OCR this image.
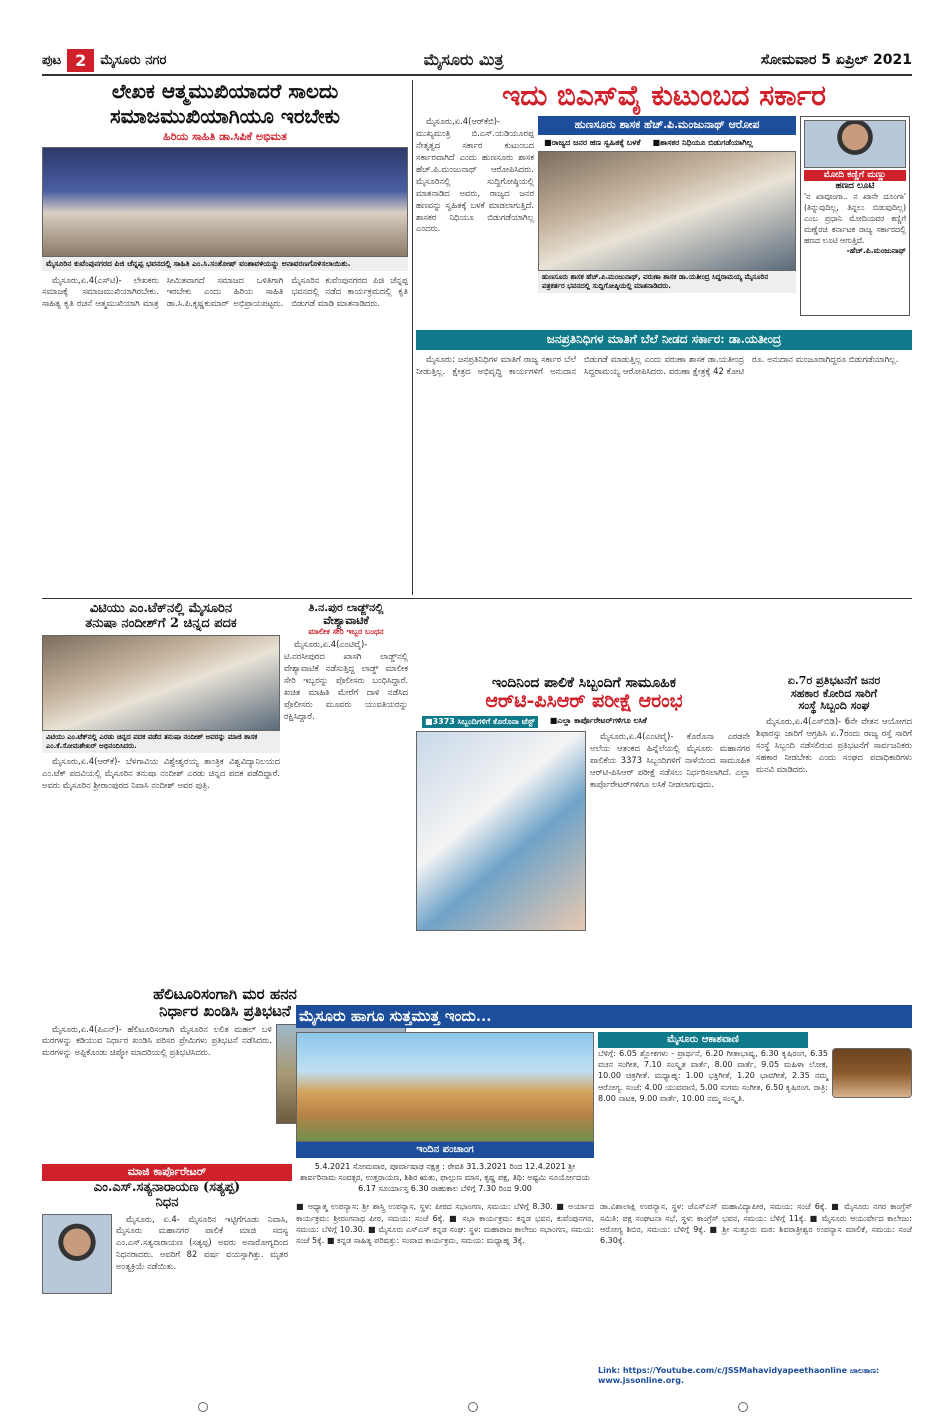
ಪುಟ 2	ಮೈಸೂರು ನಗರ	ಮೈಸೂರು ಮಿತ್ರ	ಸೋಮವಾರ 5 ಏಪ್ರಿಲ್ 2021
ಲೇಖಕ ಆತ್ಮಮುಖಿಯಾದರೆ ಸಾಲದು
ಸಮಾಜಮುಖಿಯಾಗಿಯೂ ಇರಬೇಕು
ಹಿರಿಯ ಸಾಹಿತಿ ಡಾ.ಸಿಪಿಕೆ ಅಭಿಮತ
ಮೈಸೂರಿನ ಕುವೆಂಪುನಗರದ ಪಿಜಿ ಚೆನ್ನಪ್ಪ ಭವನದಲ್ಲಿ ಸಾಹಿತಿ ಎಂ.ಸಿ.ಸಂತೋಷ್ ವಂಶಾವಳಿಯನ್ನು ಅನಾವರಣಗೊಳಿಸಲಾಯಿತು.

ಮೈಸೂರು,ಏ.4(ಎಸ್‌ಟಿ)- ಲೇಖಕರು ಸಮಾಜಕ್ಕೆ ಸಮಾಜಮುಖಿಯಾಗಿರಬೇಕು. ಸಾಹಿತ್ಯ ಕೃತಿ ರಚನೆ ಆತ್ಮಮುಖಿಯಾಗಿ ಮಾತ್ರ ಸೀಮಿತವಾಗದೆ ಸಮಾಜದ ಒಳಿತಿಗಾಗಿ ಇರಬೇಕು ಎಂದು ಹಿರಿಯ ಸಾಹಿತಿ ಡಾ.ಸಿ.ಪಿ.ಕೃಷ್ಣಕುಮಾರ್ ಅಭಿಪ್ರಾಯಪಟ್ಟರು. ಮೈಸೂರಿನ ಕುವೆಂಪುನಗರದ ಪಿಜಿ ಚೆನ್ನಪ್ಪ ಭವನದಲ್ಲಿ ನಡೆದ ಕಾರ್ಯಕ್ರಮದಲ್ಲಿ ಕೃತಿ ಬಿಡುಗಡೆ ಮಾಡಿ ಮಾತನಾಡಿದರು.

ಇದು ಬಿಎಸ್‌ವೈ ಕುಟುಂಬದ ಸರ್ಕಾರ

ಮೈಸೂರು,ಏ.4(ಆರ್‌ಕೆಬಿ)- ಮುಖ್ಯಮಂತ್ರಿ ಬಿ.ಎಸ್.ಯಡಿಯೂರಪ್ಪ ನೇತೃತ್ವದ ಸರ್ಕಾರ ಕುಟುಂಬದ ಸರ್ಕಾರವಾಗಿದೆ ಎಂದು ಹುಣಸೂರು ಶಾಸಕ ಹೆಚ್.ಪಿ.ಮಂಜುನಾಥ್ ಆರೋಪಿಸಿದರು. ಮೈಸೂರಿನಲ್ಲಿ ಸುದ್ದಿಗೋಷ್ಠಿಯಲ್ಲಿ ಮಾತನಾಡಿದ ಅವರು, ರಾಜ್ಯದ ಜನರ ಹಣವನ್ನು ಸ್ವಹಿತಕ್ಕೆ ಬಳಕೆ ಮಾಡಲಾಗುತ್ತಿದೆ. ಶಾಸಕರ ನಿಧಿಯೂ ಬಿಡುಗಡೆಯಾಗಿಲ್ಲ ಎಂದರು.

ಹುಣಸೂರು ಶಾಸಕ ಹೆಚ್.ಪಿ.ಮಂಜುನಾಥ್ ಆರೋಪ
■ರಾಜ್ಯದ ಜನರ ಹಣ ಸ್ವಹಿತಕ್ಕೆ ಬಳಕೆ ■ಶಾಸಕರ ನಿಧಿಯೂ ಬಿಡುಗಡೆಯಾಗಿಲ್ಲ
ಹುಣಸೂರು ಶಾಸಕ ಹೆಚ್.ಪಿ.ಮಂಜುನಾಥ್, ವರುಣಾ ಶಾಸಕ ಡಾ.ಯತೀಂದ್ರ ಸಿದ್ದರಾಮಯ್ಯ ಮೈಸೂರಿನ ಪತ್ರಕರ್ತರ ಭವನದಲ್ಲಿ ಸುದ್ದಿಗೋಷ್ಠಿಯಲ್ಲಿ ಮಾತನಾಡಿದರು.
ಮೋದಿ ಕಣ್ಣಿಗೆ ಮಣ್ಣು
ಹಣದ ಲೂಟಿ
'ನ ಖಾವೂಂಗಾ.. ನ ಖಾನೇ ದೂಂಗಾ' (ತಿನ್ನುವುದಿಲ್ಲ, ತಿನ್ನಲು ಬಿಡುವುದಿಲ್ಲ) ಎಂಬ ಪ್ರಧಾನಿ ಮೋದಿಯವರ ಕಣ್ಣಿಗೆ ಮಣ್ಣೆರಚಿ ಕರ್ನಾಟಕ ರಾಜ್ಯ ಸರ್ಕಾರದಲ್ಲಿ ಹಣದ ಲೂಟಿ ಆಗುತ್ತಿದೆ.
-ಹೆಚ್.ಪಿ.ಮಂಜುನಾಥ್
ಜನಪ್ರತಿನಿಧಿಗಳ ಮಾತಿಗೆ ಬೆಲೆ ನೀಡದ ಸರ್ಕಾರ: ಡಾ.ಯತೀಂದ್ರ

ಮೈಸೂರು: ಜನಪ್ರತಿನಿಧಿಗಳ ಮಾತಿಗೆ ರಾಜ್ಯ ಸರ್ಕಾರ ಬೆಲೆ ನೀಡುತ್ತಿಲ್ಲ. ಕ್ಷೇತ್ರದ ಅಭಿವೃದ್ಧಿ ಕಾರ್ಯಗಳಿಗೆ ಅನುದಾನ ಬಿಡುಗಡೆ ಮಾಡುತ್ತಿಲ್ಲ ಎಂದು ವರುಣಾ ಶಾಸಕ ಡಾ.ಯತೀಂದ್ರ ಸಿದ್ದರಾಮಯ್ಯ ಆರೋಪಿಸಿದರು. ವರುಣಾ ಕ್ಷೇತ್ರಕ್ಕೆ 42 ಕೋಟಿ ರೂ. ಅನುದಾನ ಮಂಜೂರಾಗಿದ್ದರೂ ಬಿಡುಗಡೆಯಾಗಿಲ್ಲ.

ವಿಟಿಯು ಎಂ.ಟೆಕ್‌ನಲ್ಲಿ ಮೈಸೂರಿನ
ತನುಷಾ ನಂದೀಶ್‌ಗೆ 2 ಚಿನ್ನದ ಪದಕ
ವಿಟಿಯು ಎಂ.ಟೆಕ್‌ನಲ್ಲಿ ಎರಡು ಚಿನ್ನದ ಪದಕ ಪಡೆದ ತನುಷಾ ನಂದೀಶ್ ಅವರನ್ನು ಮಾಜಿ ಶಾಸಕ ಎಂ.ಕೆ.ಸೋಮಶೇಖರ್ ಅಭಿನಂದಿಸಿದರು.

ಮೈಸೂರು,ಏ.4(ಆರ್‌ಕೆ)- ಬೆಳಗಾವಿಯ ವಿಶ್ವೇಶ್ವರಯ್ಯ ತಾಂತ್ರಿಕ ವಿಶ್ವವಿದ್ಯಾನಿಲಯದ ಎಂ.ಟೆಕ್ ಪದವಿಯಲ್ಲಿ ಮೈಸೂರಿನ ತನುಷಾ ನಂದೀಶ್ ಎರಡು ಚಿನ್ನದ ಪದಕ ಪಡೆದಿದ್ದಾರೆ. ಅವರು ಮೈಸೂರಿನ ಶ್ರೀರಾಂಪುರದ ನಿವಾಸಿ ನಂದೀಶ್ ಅವರ ಪುತ್ರಿ.

ತಿ.ನ.ಪುರ ಲಾಡ್ಜ್‌ನಲ್ಲಿ
ವೇಶ್ಯಾವಾಟಿಕೆ
ಮಾಲೀಕ ಸೇರಿ ಇಬ್ಬರ ಬಂಧನ

ಮೈಸೂರು,ಏ.4(ಎಂಟಿವೈ)- ಟಿ.ನರಸೀಪುರದ ಖಾಸಗಿ ಲಾಡ್ಜ್‌ನಲ್ಲಿ ವೇಶ್ಯಾವಾಟಿಕೆ ನಡೆಸುತ್ತಿದ್ದ ಲಾಡ್ಜ್ ಮಾಲೀಕ ಸೇರಿ ಇಬ್ಬರನ್ನು ಪೊಲೀಸರು ಬಂಧಿಸಿದ್ದಾರೆ. ಖಚಿತ ಮಾಹಿತಿ ಮೇರೆಗೆ ದಾಳಿ ನಡೆಸಿದ ಪೊಲೀಸರು ಮೂವರು ಯುವತಿಯರನ್ನು ರಕ್ಷಿಸಿದ್ದಾರೆ.

ಇಂದಿನಿಂದ ಪಾಲಿಕೆ ಸಿಬ್ಬಂದಿಗೆ ಸಾಮೂಹಿಕ
ಆರ್‌ಟಿ-ಪಿಸಿಆರ್ ಪರೀಕ್ಷೆ ಆರಂಭ
■3373 ಸಿಬ್ಬಂದಿಗಳಿಗೆ ಕೊರೊನಾ ಟೆಸ್ಟ್	■ಎಲ್ಲಾ ಕಾರ್ಪೊರೇಟರ್‌ಗಳಿಗೂ ಲಸಿಕೆ

ಮೈಸೂರು,ಏ.4(ಎಂಟಿವೈ)- ಕೊರೊನಾ ಎರಡನೇ ಅಲೆಯ ಆತಂಕದ ಹಿನ್ನೆಲೆಯಲ್ಲಿ ಮೈಸೂರು ಮಹಾನಗರ ಪಾಲಿಕೆಯ 3373 ಸಿಬ್ಬಂದಿಗಳಿಗೆ ನಾಳೆಯಿಂದ ಸಾಮೂಹಿಕ ಆರ್‌ಟಿ-ಪಿಸಿಆರ್ ಪರೀಕ್ಷೆ ನಡೆಸಲು ನಿರ್ಧರಿಸಲಾಗಿದೆ. ಎಲ್ಲಾ ಕಾರ್ಪೊರೇಟರ್‌ಗಳಿಗೂ ಲಸಿಕೆ ನೀಡಲಾಗುವುದು.

ಏ.7ರ ಪ್ರತಿಭಟನೆಗೆ ಜನರ
ಸಹಕಾರ ಕೋರಿದ ಸಾರಿಗೆ
ಸಂಸ್ಥೆ ಸಿಬ್ಬಂದಿ ಸಂಘ

ಮೈಸೂರು,ಏ.4(ಎಸ್‌ಬಿಡಿ)- 6ನೇ ವೇತನ ಆಯೋಗದ ಶಿಫಾರಸ್ಸು ಜಾರಿಗೆ ಆಗ್ರಹಿಸಿ ಏ.7ರಂದು ರಾಜ್ಯ ರಸ್ತೆ ಸಾರಿಗೆ ಸಂಸ್ಥೆ ಸಿಬ್ಬಂದಿ ನಡೆಸಲಿರುವ ಪ್ರತಿಭಟನೆಗೆ ಸಾರ್ವಜನಿಕರು ಸಹಕಾರ ನೀಡಬೇಕು ಎಂದು ಸಂಘದ ಪದಾಧಿಕಾರಿಗಳು ಮನವಿ ಮಾಡಿದರು.

ಹೆಲಿಟೂರಿಸಂಗಾಗಿ ಮರ ಹನನ
ನಿರ್ಧಾರ ಖಂಡಿಸಿ ಪ್ರತಿಭಟನೆ

ಮೈಸೂರು,ಏ.4(ಪಿಎನ್)- ಹೆಲಿಟೂರಿಸಂಗಾಗಿ ಮೈಸೂರಿನ ಲಲಿತ ಮಹಲ್ ಬಳಿ ಮರಗಳನ್ನು ಕಡಿಯುವ ನಿರ್ಧಾರ ಖಂಡಿಸಿ ಪರಿಸರ ಪ್ರೇಮಿಗಳು ಪ್ರತಿಭಟನೆ ನಡೆಸಿದರು. ಮರಗಳನ್ನು ಅಪ್ಪಿಕೊಂಡು ಚಿಪ್ಕೋ ಮಾದರಿಯಲ್ಲಿ ಪ್ರತಿಭಟಿಸಿದರು.

ಮಾಜಿ ಕಾರ್ಪೊರೇಟರ್
ಎಂ.ಎಸ್.ಸತ್ಯನಾರಾಯಣ (ಸತ್ಯಪ್ಪ)
ನಿಧನ

ಮೈಸೂರು, ಏ.4- ಮೈಸೂರಿನ ಇಟ್ಟಿಗೆಗೂಡು ನಿವಾಸಿ, ಮೈಸೂರು ಮಹಾನಗರ ಪಾಲಿಕೆ ಮಾಜಿ ಸದಸ್ಯ ಎಂ.ಎಸ್.ಸತ್ಯನಾರಾಯಣ (ಸತ್ಯಪ್ಪ) ಅವರು ಅನಾರೋಗ್ಯದಿಂದ ನಿಧನರಾದರು. ಅವರಿಗೆ 82 ವರ್ಷ ವಯಸ್ಸಾಗಿತ್ತು. ಮೃತರ ಅಂತ್ಯಕ್ರಿಯೆ ನಡೆಯಿತು.

ಮೈಸೂರು ಹಾಗೂ ಸುತ್ತಮುತ್ತ ಇಂದು...
ಇಂದಿನ ಪಂಚಾಂಗ
5.4.2021 ಸೋಮವಾರ, ಪೂರ್ವಾಷಾಢ ನಕ್ಷತ್ರ : ರೇವತಿ 31.3.2021 ರಿಂದ 12.4.2021 ಶ್ರೀ ಶಾರ್ವರಿನಾಮ ಸಂವತ್ಸರ, ಉತ್ತರಾಯಣ, ಶಿಶಿರ ಋತು, ಫಾಲ್ಗುಣ ಮಾಸ, ಕೃಷ್ಣ ಪಕ್ಷ, ತಿಥಿ: ಅಷ್ಟಮಿ ಸೂರ್ಯೋದಯ 6.17 ಸೂರ್ಯಾಸ್ತ 6.30 ರಾಹುಕಾಲ ಬೆಳಿಗ್ಗೆ 7.30 ರಿಂದ 9.00
ಮೈಸೂರು ಆಕಾಶವಾಣಿ
ಬೆಳಿಗ್ಗೆ: 6.05 ಶ್ಲೋಕಗಳು - ಪ್ರಾರ್ಥನೆ, 6.20 ಗೀತಾಭಾಷ್ಯ, 6.30 ಕೃಷಿರಂಗ, 6.35 ವಚನ ಸಂಗೀತ, 7.10 ಸಂಸ್ಕೃತ ವಾರ್ತೆ, 8.00 ವಾರ್ತೆ, 9.05 ಮಹಿಳಾ ಲೋಕ, 10.00 ಚಿತ್ರಗೀತೆ. ಮಧ್ಯಾಹ್ನ: 1.00 ಭಕ್ತಿಗೀತೆ, 1.20 ಭಾವಗೀತೆ, 2.35 ನಮ್ಮ ಆರೋಗ್ಯ. ಸಂಜೆ: 4.00 ಯುವವಾಣಿ, 5.00 ಸುಗಮ ಸಂಗೀತ, 6.50 ಕೃಷಿರಂಗ. ರಾತ್ರಿ: 8.00 ನಾಟಕ, 9.00 ವಾರ್ತೆ, 10.00 ನಮ್ಮ ಸಂಸ್ಕೃತಿ.
■ ಆಧ್ಯಾತ್ಮ ಉಪನ್ಯಾಸ: ಶ್ರೀ ಶಾಸ್ತ್ರಿ ಉಪನ್ಯಾಸ, ಸ್ಥಳ: ಪೀಠದ ಸಭಾಂಗಣ, ಸಮಯ: ಬೆಳಿಗ್ಗೆ 8.30. ■ ಅರ್ಯಾದ ಕಾರ್ಯಕ್ರಮ: ಶ್ರೀರಂಗನಾಥ ಪೀಠ, ಸಮಯ: ಸಂಜೆ 6ಕ್ಕೆ. ■ ಸಭಾ ಕಾರ್ಯಕ್ರಮ: ಕನ್ನಡ ಭವನ, ಕುವೆಂಪುನಗರ, ಸಮಯ: ಬೆಳಿಗ್ಗೆ 10.30. ■ ಮೈಸೂರು ಎಸ್‌ಎಸ್ ಕನ್ನಡ ಸಂಘ: ಸ್ಥಳ: ಮಹಾರಾಜ ಕಾಲೇಜು ಸಭಾಂಗಣ, ಸಮಯ: ಸಂಜೆ 5ಕ್ಕೆ. ■ ಕನ್ನಡ ಸಾಹಿತ್ಯ ಪರಿಷತ್ತು: ಸಂವಾದ ಕಾರ್ಯಕ್ರಮ, ಸಮಯ: ಮಧ್ಯಾಹ್ನ 3ಕ್ಕೆ.
ಡಾ.ವಿಶಾಲಾಕ್ಷಿ ಉಪನ್ಯಾಸ, ಸ್ಥಳ: ಜೆಎಸ್‌ಎಸ್ ಮಹಾವಿದ್ಯಾಪೀಠ, ಸಮಯ: ಸಂಜೆ 6ಕ್ಕೆ. ■ ಮೈಸೂರು ನಗರ ಕಾಂಗ್ರೆಸ್ ಸಮಿತಿ: ಪಕ್ಷ ಸಂಘಟನಾ ಸಭೆ, ಸ್ಥಳ: ಕಾಂಗ್ರೆಸ್ ಭವನ, ಸಮಯ: ಬೆಳಿಗ್ಗೆ 11ಕ್ಕೆ. ■ ಮೈಸೂರು ಆಯುರ್ವೇದ ಕಾಲೇಜು: ಆರೋಗ್ಯ ಶಿಬಿರ, ಸಮಯ: ಬೆಳಿಗ್ಗೆ 9ಕ್ಕೆ. ■ ಶ್ರೀ ಸುತ್ತೂರು ಮಠ: ಶಿವರಾತ್ರೀಶ್ವರ ಉಪನ್ಯಾಸ ಮಾಲಿಕೆ, ಸಮಯ: ಸಂಜೆ 6.30ಕ್ಕೆ.
Link: https://Youtube.com/c/JSSMahavidyapeethaonline ಜಾಲತಾಣ: www.jssonline.org.
